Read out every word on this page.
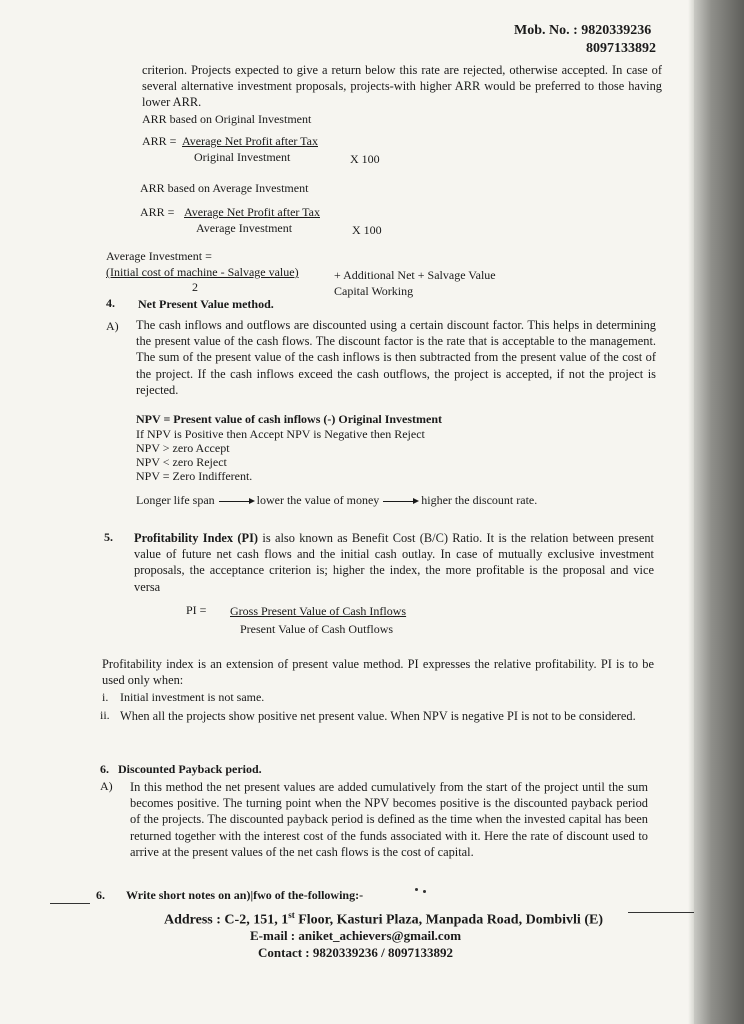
Mob. No. : 9820339236
8097133892
criterion. Projects expected to give a return below this rate are rejected, otherwise accepted. In case of several alternative investment proposals, projects-with higher ARR would be preferred to those having lower ARR.
ARR based on Original Investment
ARR = Average Net Profit after Tax
Original Investment	X 100
ARR based on Average Investment
ARR = Average Net Profit after Tax
Average Investment	X 100
Average Investment =
(Initial cost of machine - Salvage value)	+ Additional Net + Salvage Value
2	Capital Working
4. Net Present Value method.
A) The cash inflows and outflows are discounted using a certain discount factor. This helps in determining the present value of the cash flows. The discount factor is the rate that is acceptable to the management. The sum of the present value of the cash inflows is then subtracted from the present value of the cost of the project. If the cash inflows exceed the cash outflows, the project is accepted, if not the project is rejected.
NPV = Present value of cash inflows (-) Original Investment
If NPV is Positive then Accept NPV is Negative then Reject
NPV > zero Accept
NPV < zero Reject
NPV = Zero Indifferent.
Longer life span	lower the value of money	higher the discount rate.
5. Profitability Index (PI) is also known as Benefit Cost (B/C) Ratio. It is the relation between present value of future net cash flows and the initial cash outlay. In case of mutually exclusive investment proposals, the acceptance criterion is; higher the index, the more profitable is the proposal and vice versa
PI = Gross Present Value of Cash Inflows
Present Value of Cash Outflows
Profitability index is an extension of present value method. PI expresses the relative profitability. PI is to be used only when:
i. Initial investment is not same.
ii. When all the projects show positive net present value. When NPV is negative PI is not to be considered.
6. Discounted Payback period.
A) In this method the net present values are added cumulatively from the start of the project until the sum becomes positive. The turning point when the NPV becomes positive is the discounted payback period of the projects. The discounted payback period is defined as the time when the invested capital has been returned together with the interest cost of the funds associated with it. Here the rate of discount used to arrive at the present values of the net cash flows is the cost of capital.
6. Write short notes on an)|fwo of the-following:-
Address : C-2, 151, 1st Floor, Kasturi Plaza, Manpada Road, Dombivli (E)
E-mail : aniket_achievers@gmail.com
Contact : 9820339236 / 8097133892
